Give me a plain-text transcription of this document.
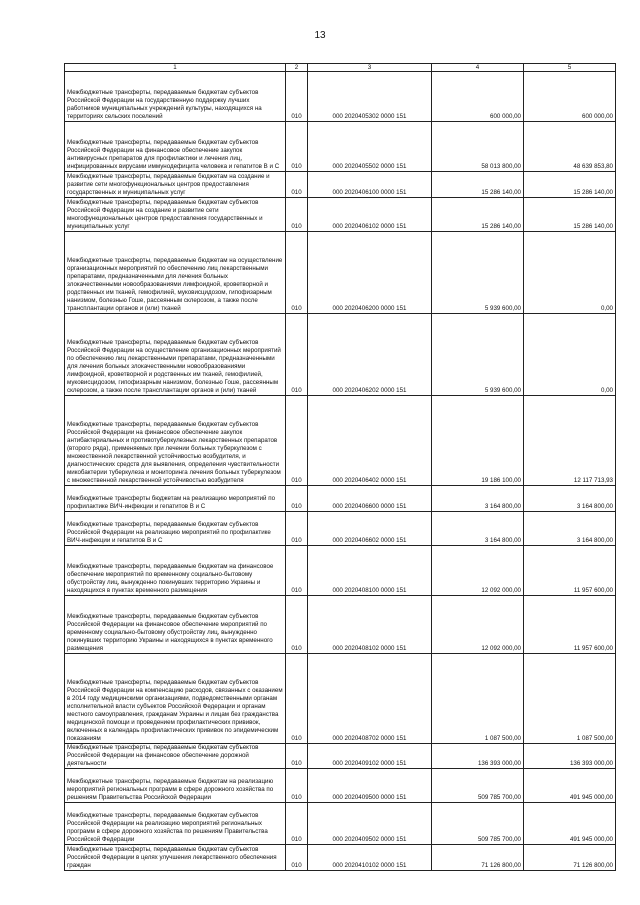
13
1	2	3	4	5
Межбюджетные трансферты, передаваемые бюджетам субъектов Российской Федерации на государственную поддержку лучших работников муниципальных учреждений культуры, находящихся на территориях сельских поселений	010	000 2020405302 0000 151	600 000,00	600 000,00
Межбюджетные трансферты, передаваемые бюджетам субъектов Российской Федерации на финансовое обеспечение закупок антивирусных препаратов для профилактики и лечения лиц, инфицированных вирусами иммунодефицита человека и гепатитов В и С	010	000 2020405502 0000 151	58 013 800,00	48 639 853,80
Межбюджетные трансферты, передаваемые бюджетам на создание и развитие сети многофункциональных центров предоставления государственных и муниципальных услуг	010	000 2020406100 0000 151	15 286 140,00	15 286 140,00
Межбюджетные трансферты, передаваемые бюджетам субъектов Российской Федерации на создание и развитие сети многофункциональных центров предоставления государственных и муниципальных услуг	010	000 2020406102 0000 151	15 286 140,00	15 286 140,00
Межбюджетные трансферты, передаваемые бюджетам на осуществление организационных мероприятий по обеспечению лиц лекарственными препаратами, предназначенными для лечения больных злокачественными новообразованиями лимфоидной, кроветворной и родственных им тканей, гемофилией, муковисцидозом, гипофизарным нанизмом, болезнью Гоше, рассеянным склерозом, а также после трансплантации органов и (или) тканей	010	000 2020406200 0000 151	5 939 600,00	0,00
Межбюджетные трансферты, передаваемые бюджетам субъектов Российской Федерации на осуществление организационных мероприятий по обеспечению лиц лекарственными препаратами, предназначенными для лечения больных злокачественными новообразованиями лимфоидной, кроветворной и родственных им тканей, гемофилией, муковисцидозом, гипофизарным нанизмом, болезнью Гоше, рассеянным склерозом, а также после трансплантации органов и (или) тканей	010	000 2020406202 0000 151	5 939 600,00	0,00
Межбюджетные трансферты, передаваемые бюджетам субъектов Российской Федерации на финансовое обеспечение закупок антибактериальных и противотуберкулезных лекарственных препаратов (второго ряда), применяемых при лечении больных туберкулезом с множественной лекарственной устойчивостью возбудителя, и диагностических средств для выявления, определения чувствительности микобактерии туберкулеза и мониторинга лечения больных туберкулезом с множественной лекарственной устойчивостью возбудителя	010	000 2020406402 0000 151	19 186 100,00	12 117 713,93
Межбюджетные трансферты бюджетам на реализацию мероприятий по профилактике ВИЧ-инфекции и гепатитов В и С	010	000 2020406600 0000 151	3 164 800,00	3 164 800,00
Межбюджетные трансферты, передаваемые бюджетам субъектов Российской Федерации на реализацию мероприятий по профилактике ВИЧ-инфекции и гепатитов В и С	010	000 2020406602 0000 151	3 164 800,00	3 164 800,00
Межбюджетные трансферты, передаваемые бюджетам на финансовое обеспечение мероприятий по временному социально-бытовому обустройству лиц, вынужденно покинувших территорию Украины и находящихся в пунктах временного размещения	010	000 2020408100 0000 151	12 092 000,00	11 957 600,00
Межбюджетные трансферты, передаваемые бюджетам субъектов Российской Федерации на финансовое обеспечение мероприятий по временному социально-бытовому обустройству лиц, вынужденно покинувших территорию Украины и находящихся в пунктах временного размещения	010	000 2020408102 0000 151	12 092 000,00	11 957 600,00
Межбюджетные трансферты, передаваемые бюджетам субъектов Российской Федерации на компенсацию расходов, связанных с оказанием в 2014 году медицинскими организациями, подведомственными органам исполнительной власти субъектов Российской Федерации и органам местного самоуправления, гражданам Украины и лицам без гражданства медицинской помощи и проведением профилактических прививок, включенных в календарь профилактических прививок по эпидемическим показаниям	010	000 2020408702 0000 151	1 087 500,00	1 087 500,00
Межбюджетные трансферты, передаваемые бюджетам субъектов Российской Федерации на финансовое обеспечение дорожной деятельности	010	000 2020409102 0000 151	136 393 000,00	136 393 000,00
Межбюджетные трансферты, передаваемые бюджетам на реализацию мероприятий региональных программ в сфере дорожного хозяйства по решениям Правительства Российской Федерации	010	000 2020409500 0000 151	509 785 700,00	491 945 000,00
Межбюджетные трансферты, передаваемые бюджетам субъектов Российской Федерации на реализацию мероприятий региональных программ в сфере дорожного хозяйства по решениям Правительства Российской Федерации	010	000 2020409502 0000 151	509 785 700,00	491 945 000,00
Межбюджетные трансферты, передаваемые бюджетам субъектов Российской Федерации в целях улучшения лекарственного обеспечения граждан	010	000 2020410102 0000 151	71 126 800,00	71 126 800,00
